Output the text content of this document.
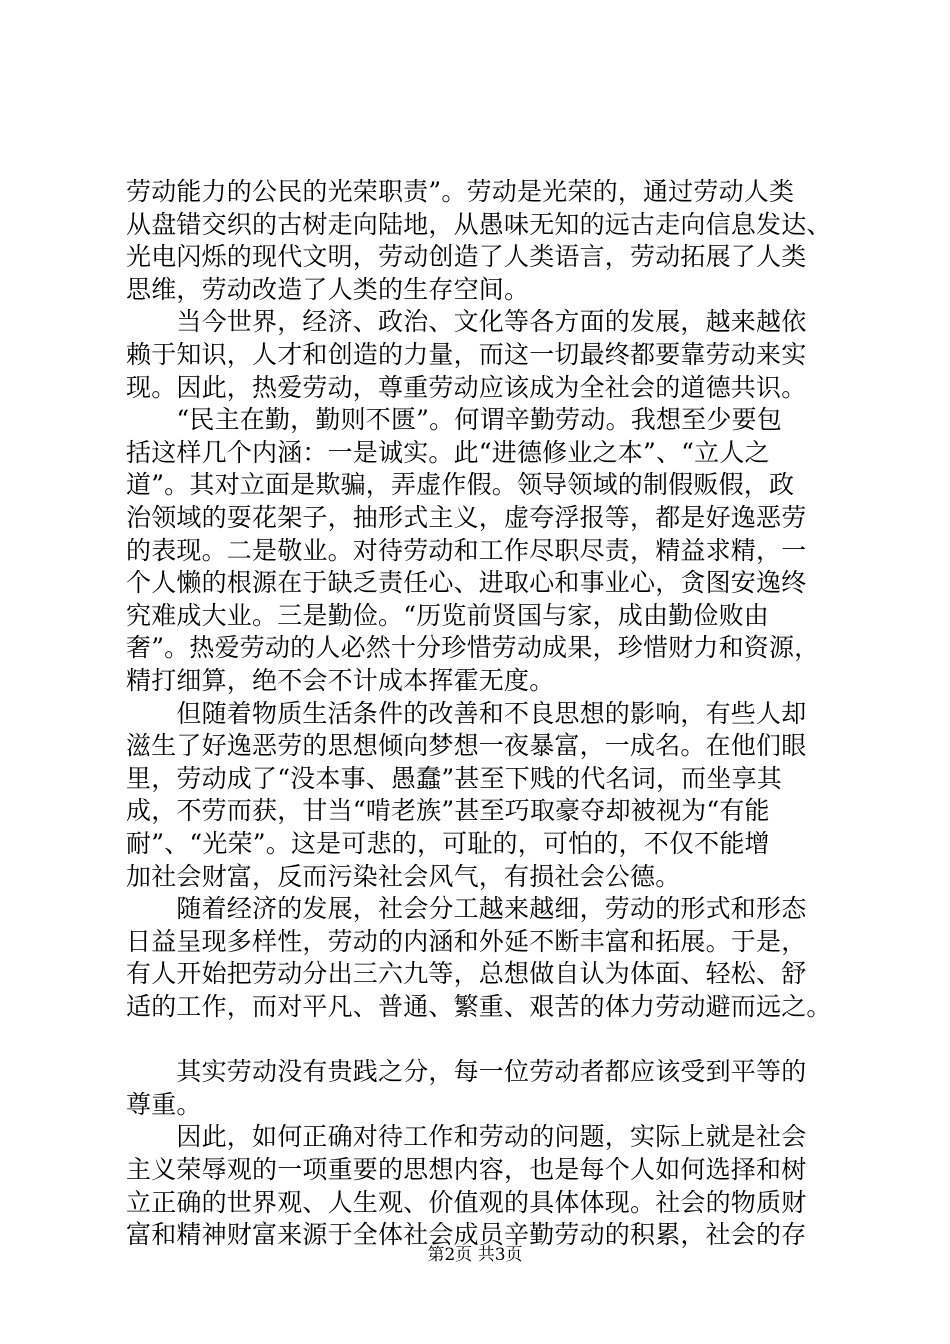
劳动能力的公民的光荣职责”。劳动是光荣的，通过劳动人类
从盘错交织的古树走向陆地，从愚味无知的远古走向信息发达、
光电闪烁的现代文明，劳动创造了人类语言，劳动拓展了人类
思维，劳动改造了人类的生存空间。
　　当今世界，经济、政治、文化等各方面的发展，越来越依
赖于知识，人才和创造的力量，而这一切最终都要靠劳动来实
现。因此，热爱劳动，尊重劳动应该成为全社会的道德共识。
　　“民主在勤，勤则不匮”。何谓辛勤劳动。我想至少要包
括这样几个内涵：一是诚实。此“进德修业之本”、“立人之
道”。其对立面是欺骗，弄虚作假。领导领域的制假贩假，政
治领域的耍花架子，抽形式主义，虚夸浮报等，都是好逸恶劳
的表现。二是敬业。对待劳动和工作尽职尽责，精益求精，一
个人懒的根源在于缺乏责任心、进取心和事业心，贪图安逸终
究难成大业。三是勤俭。“历览前贤国与家，成由勤俭败由
奢”。热爱劳动的人必然十分珍惜劳动成果，珍惜财力和资源，
精打细算，绝不会不计成本挥霍无度。
　　但随着物质生活条件的改善和不良思想的影响，有些人却
滋生了好逸恶劳的思想倾向梦想一夜暴富，一成名。在他们眼
里，劳动成了“没本事、愚蠢”甚至下贱的代名词，而坐享其
成，不劳而获，甘当“啃老族”甚至巧取豪夺却被视为“有能
耐”、“光荣”。这是可悲的，可耻的，可怕的，不仅不能增
加社会财富，反而污染社会风气，有损社会公德。
　　随着经济的发展，社会分工越来越细，劳动的形式和形态
日益呈现多样性，劳动的内涵和外延不断丰富和拓展。于是，
有人开始把劳动分出三六九等，总想做自认为体面、轻松、舒
适的工作，而对平凡、普通、繁重、艰苦的体力劳动避而远之。
　　其实劳动没有贵践之分，每一位劳动者都应该受到平等的
尊重。
　　因此，如何正确对待工作和劳动的问题，实际上就是社会
主义荣辱观的一项重要的思想内容，也是每个人如何选择和树
立正确的世界观、人生观、价值观的具体体现。社会的物质财
富和精神财富来源于全体社会成员辛勤劳动的积累，社会的存
第2页 共3页
